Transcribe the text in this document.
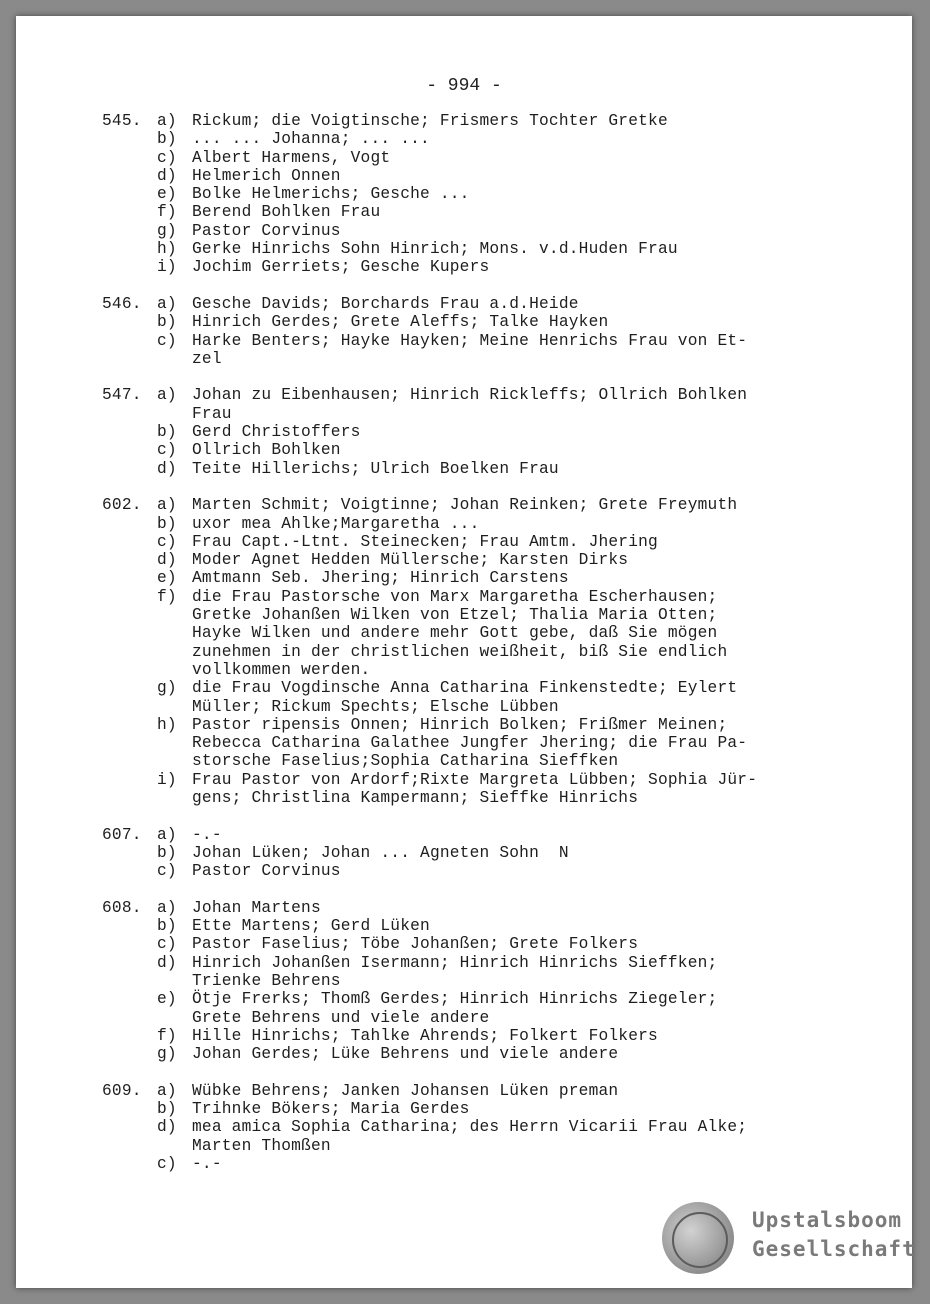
- 994 -
545. a) Rickum; die Voigtinsche; Frismers Tochter Gretke
b) ... ... Johanna; ... ...
c) Albert Harmens, Vogt
d) Helmerich Onnen
e) Bolke Helmerichs; Gesche ...
f) Berend Bohlken Frau
g) Pastor Corvinus
h) Gerke Hinrichs Sohn Hinrich; Mons. v.d.Huden Frau
i) Jochim Gerriets; Gesche Kupers
546. a) Gesche Davids; Borchards Frau a.d.Heide
b) Hinrich Gerdes; Grete Aleffs; Talke Hayken
c) Harke Benters; Hayke Hayken; Meine Henrichs Frau von Et-
zel
547. a) Johan zu Eibenhausen; Hinrich Rickleffs; Ollrich Bohlken
Frau
b) Gerd Christoffers
c) Ollrich Bohlken
d) Teite Hillerichs; Ulrich Boelken Frau
602. a) Marten Schmit; Voigtinne; Johan Reinken; Grete Freymuth
b) uxor mea Ahlke;Margaretha ...
c) Frau Capt.-Ltnt. Steinecken; Frau Amtm. Jhering
d) Moder Agnet Hedden Müllersche; Karsten Dirks
e) Amtmann Seb. Jhering; Hinrich Carstens
f) die Frau Pastorsche von Marx Margaretha Escherhausen;
Gretke Johanßen Wilken von Etzel; Thalia Maria Otten;
Hayke Wilken und andere mehr Gott gebe, daß Sie mögen
zunehmen in der christlichen weißheit, biß Sie endlich
vollkommen werden.
g) die Frau Vogdinsche Anna Catharina Finkenstedte; Eylert
Müller; Rickum Spechts; Elsche Lübben
h) Pastor ripensis Onnen; Hinrich Bolken; Frißmer Meinen;
Rebecca Catharina Galathee Jungfer Jhering; die Frau Pa-
storsche Faselius;Sophia Catharina Sieffken
i) Frau Pastor von Ardorf;Rixte Margreta Lübben; Sophia Jür-
gens; Christlina Kampermann; Sieffke Hinrichs
607. a) -.-
b) Johan Lüken; Johan ... Agneten Sohn  N
c) Pastor Corvinus
608. a) Johan Martens
b) Ette Martens; Gerd Lüken
c) Pastor Faselius; Töbe Johanßen; Grete Folkers
d) Hinrich Johanßen Isermann; Hinrich Hinrichs Sieffken;
Trienke Behrens
e) Ötje Frerks; Thomß Gerdes; Hinrich Hinrichs Ziegeler;
Grete Behrens und viele andere
f) Hille Hinrichs; Tahlke Ahrends; Folkert Folkers
g) Johan Gerdes; Lüke Behrens und viele andere
609. a) Wübke Behrens; Janken Johansen Lüken preman
b) Trihnke Bökers; Maria Gerdes
d) mea amica Sophia Catharina; des Herrn Vicarii Frau Alke;
Marten Thomßen
c) -.-
Upstalsboom
Gesellschaft
